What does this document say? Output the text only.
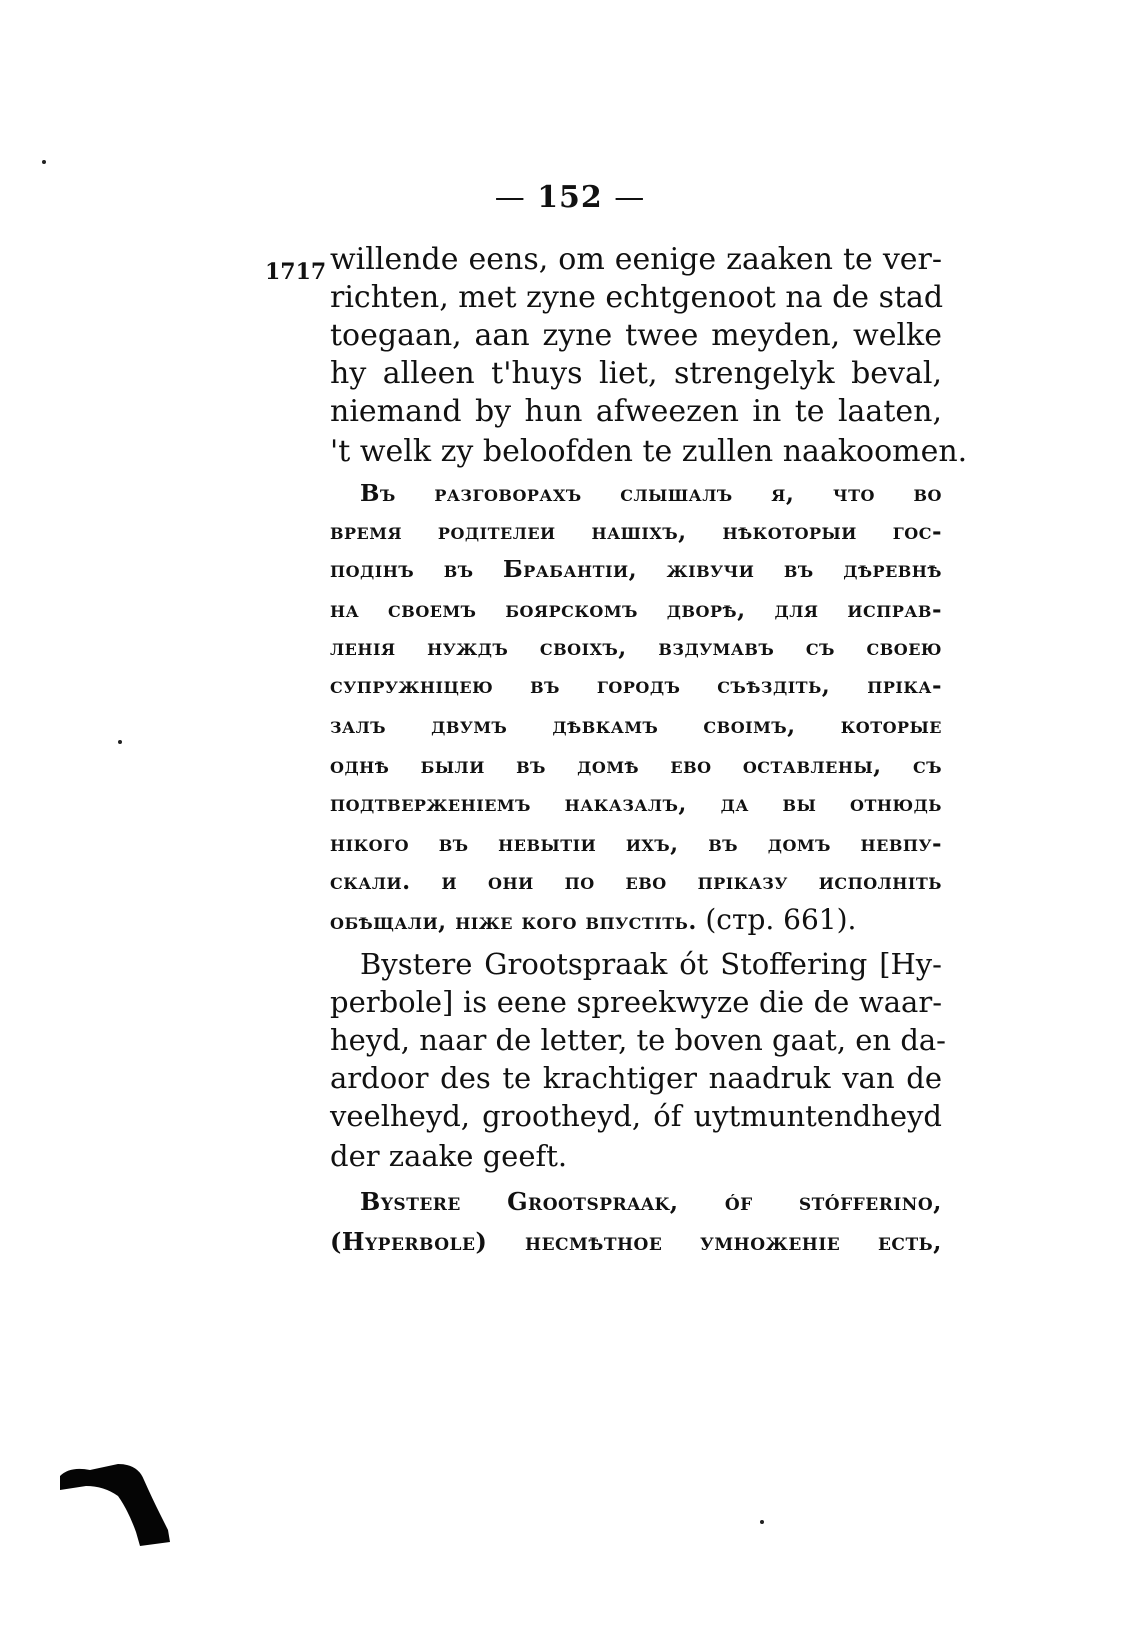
— 152 —
1717 willende eens, om eenige zaaken te ver-
richten, met zyne echtgenoot na de stad
toegaan, aan zyne twee meyden, welke
hy alleen t'huys liet, strengelyk beval,
niemand by hun afweezen in te laaten,
't welk zy beloofden te zullen naakoomen.
Въ разговорахъ слышалъ я, что во
время родітелеи нашіхъ, нѣкоторыи гос-
подінъ въ Брабантіи, жівучи въ дѣревнѣ
на своемъ боярскомъ дворѣ, для исправ-
ленія нуждъ своіхъ, вздумавъ съ своею
супружніцею въ городъ съѣздіть, пріка-
залъ двумъ дѣвкамъ своімъ, которые
однѣ были въ домѣ ево оставлены, съ
подтверженіемъ наказалъ, да вы отнюдь
нікого въ невытіи ихъ, въ домъ невпу-
скали. и они по ево пріказу исполніть
обѣщали, ніже кого впустіть. (стр. 661).
Bystere Grootspraak ót Stoffering [Hy-
perbole] is eene spreekwyze die de waar-
heyd, naar de letter, te boven gaat, en da-
ardoor des te krachtiger naadruk van de
veelheyd, grootheyd, óf uytmuntendheyd
der zaake geeft.
Bystere Grootspraak, óf stófferino,
(Hyperbole) несмѣтное умноженіе есть,
